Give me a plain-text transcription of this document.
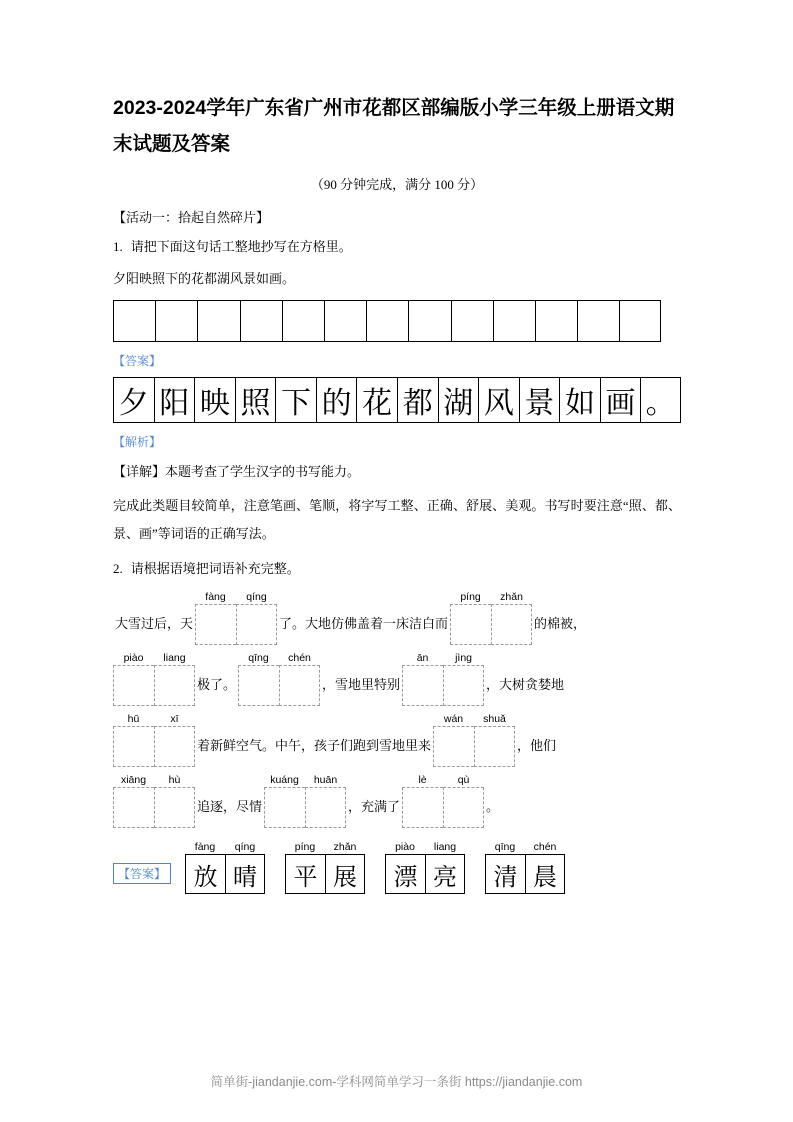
2023-2024学年广东省广州市花都区部编版小学三年级上册语文期末试题及答案
（90 分钟完成，满分 100 分）
【活动一：拾起自然碎片】
1. 请把下面这句话工整地抄写在方格里。
夕阳映照下的花都湖风景如画。
【答案】
夕 阳 映 照 下 的 花 都 湖 风 景 如 画 。
【解析】
【详解】本题考查了学生汉字的书写能力。
完成此类题目较简单，注意笔画、笔顺，将字写工整、正确、舒展、美观。书写时要注意“照、都、景、画”等词语的正确写法。
2. 请根据语境把词语补充完整。
大雪过后，天
fàng	qíng
了。大地仿佛盖着一床洁白而
píng	zhǎn
的棉被，
piào	liang
极了。
qīng	chén
，雪地里特别
ān	jìng
，大树贪婪地
hū	xī
着新鲜空气。中午，孩子们跑到雪地里来
wán	shuǎ
，他们
xiāng	hù
追逐，尽情
kuáng	huān
，充满了
lè	qù
。
【答案】
fàng	qíng
放 晴
píng	zhǎn
平 展
piào	liang
漂 亮
qīng	chén
清 晨
简单街-jiandanjie.com-学科网简单学习一条街 https://jiandanjie.com
